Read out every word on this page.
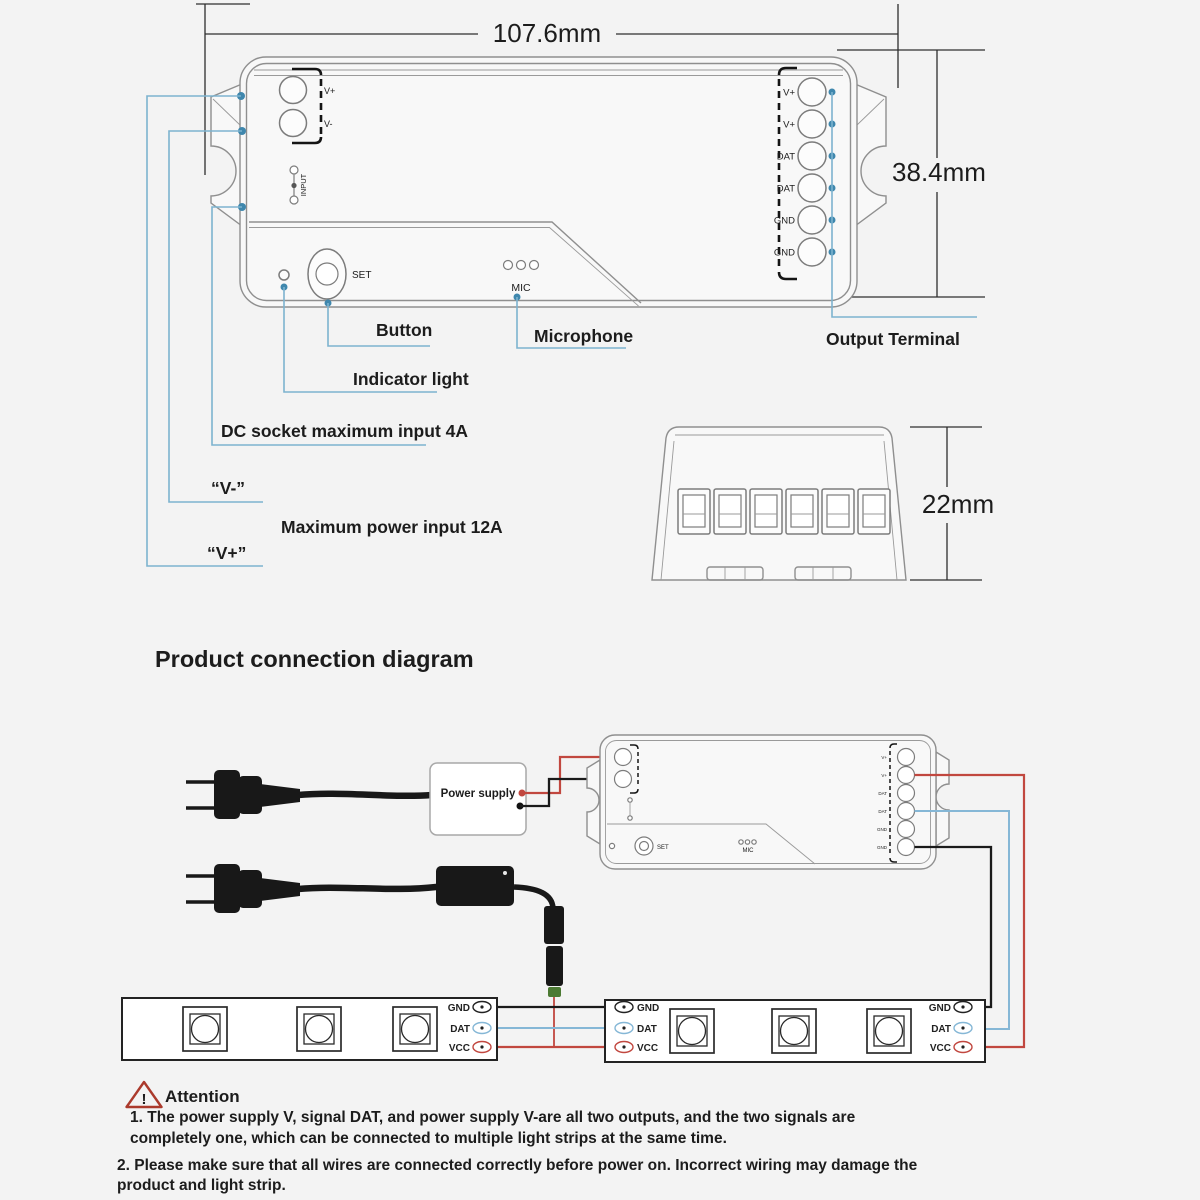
107.6mm
38.4mm
V+
V-
INPUT
SET
MIC
V+
V+
DAT
DAT
GND
GND
Button	Microphone	Output Terminal
Indicator light
DC socket maximum input 4A
“V-”
Maximum power input 12A
“V+”
22mm
Product connection diagram
Power supply
SET	MIC
V+
V+
DAT
DAT
GND
GND
GND
DAT
VCC
GND
DAT
VCC
GND
DAT
VCC
! Attention
1. The power supply V, signal DAT, and power supply V-are all two outputs, and the two signals are
completely one, which can be connected to multiple light strips at the same time.
2. Please make sure that all wires are connected correctly before power on. Incorrect wiring may damage the
product and light strip.
